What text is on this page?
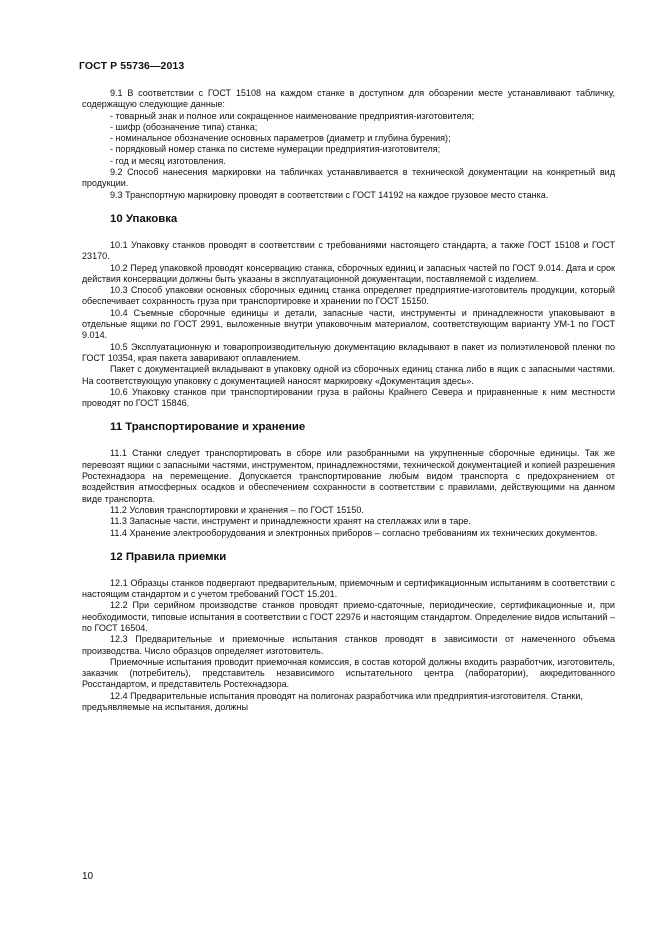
ГОСТ Р 55736—2013

9.1 В соответствии с ГОСТ 15108 на каждом станке в доступном для обозрении месте устанавливают табличку, содержащую следующие данные:

- товарный знак и полное или сокращенное наименование предприятия-изготовителя;

- шифр (обозначение типа) станка;

- номинальное обозначение основных параметров (диаметр и глубина бурения);

- порядковый номер станка по системе нумерации предприятия-изготовителя;

- год и месяц изготовления.

9.2 Способ нанесения маркировки на табличках устанавливается в технической документации на конкретный вид продукции.

9.3 Транспортную маркировку проводят в соответствии с ГОСТ 14192 на каждое грузовое место станка.

10 Упаковка

10.1 Упаковку станков проводят в соответствии с требованиями настоящего стандарта, а также ГОСТ 15108 и ГОСТ 23170.

10.2 Перед упаковкой проводят консервацию станка, сборочных единиц и запасных частей по ГОСТ 9.014. Дата и срок действия консервации должны быть указаны в эксплуатационной документации, поставляемой с изделием.

10.3 Способ упаковки основных сборочных единиц станка определяет предприятие-изготовитель продукции, который обеспечивает сохранность груза при транспортировке и хранении по ГОСТ 15150.

10.4 Съемные сборочные единицы и детали, запасные части, инструменты и принадлежности упаковывают в отдельные ящики по ГОСТ 2991, выложенные внутри упаковочным материалом, соответствующим варианту УМ-1 по ГОСТ 9.014.

10.5 Эксплуатационную и товаропроизводительную документацию вкладывают в пакет из полиэтиленовой пленки по ГОСТ 10354, края пакета заваривают оплавлением.

Пакет с документацией вкладывают в упаковку одной из сборочных единиц станка либо в ящик с запасными частями. На соответствующую упаковку с документацией наносят маркировку «Документация здесь».

10.6 Упаковку станков при транспортировании груза в районы Крайнего Севера и приравненные к ним местности проводят по ГОСТ 15846.

11 Транспортирование и хранение

11.1 Станки следует транспортировать в сборе или разобранными на укрупненные сборочные единицы. Так же перевозят ящики с запасными частями, инструментом, принадлежностями, технической документацией и копией разрешения Ростехнадзора на перемещение. Допускается транспортирование любым видом транспорта с предохранением от воздействия атмосферных осадков и обеспечением сохранности в соответствии с правилами, действующими на данном виде транспорта.

11.2 Условия транспортировки и хранения – по ГОСТ 15150.

11.3 Запасные части, инструмент и принадлежности хранят на стеллажах или в таре.

11.4 Хранение электрооборудования и электронных приборов – согласно требованиям их технических документов.

12 Правила приемки

12.1 Образцы станков подвергают предварительным, приемочным и сертификационным испытаниям в соответствии с настоящим стандартом и с учетом требований ГОСТ 15.201.

12.2 При серийном производстве станков проводят приемо-сдаточные, периодические, сертификационные и, при необходимости, типовые испытания в соответствии с ГОСТ 22976 и настоящим стандартом. Определение видов испытаний – по ГОСТ 16504.

12.3 Предварительные и приемочные испытания станков проводят в зависимости от намеченного объема производства. Число образцов определяет изготовитель.

Приемочные испытания проводит приемочная комиссия, в состав которой должны входить разработчик, изготовитель, заказчик (потребитель), представитель независимого испытательного центра (лаборатории), аккредитованного Росстандартом, и представитель Ростехнадзора.

12.4 Предварительные испытания проводят на полигонах разработчика или предприятия-изготовителя. Станки, предъявляемые на испытания, должны

10
